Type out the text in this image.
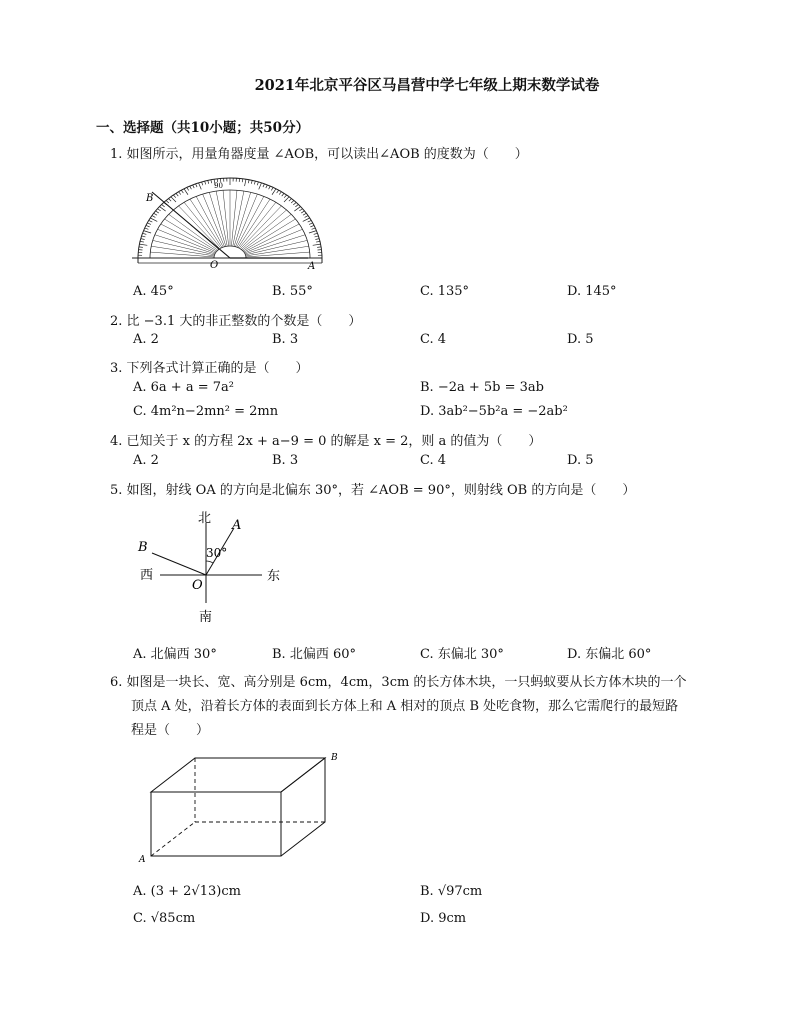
2021年北京平谷区马昌营中学七年级上期末数学试卷
一、选择题（共10小题；共50分）
1. 如图所示，用量角器度量 ∠AOB，可以读出∠AOB 的度数为（　　）
B
O	A
90
A. 45°	B. 55°	C. 135°	D. 145°
2. 比 −3.1 大的非正整数的个数是（　　）
A. 2	B. 3	C. 4	D. 5
3. 下列各式计算正确的是（　　）
A. 6a + a = 7a²	B. −2a + 5b = 3ab
C. 4m²n−2mn² = 2mn	D. 3ab²−5b²a = −2ab²
4. 已知关于 x 的方程 2x + a−9 = 0 的解是 x = 2，则 a 的值为（　　）
A. 2	B. 3	C. 4	D. 5
5. 如图，射线 OA 的方向是北偏东 30°，若 ∠AOB = 90°，则射线 OB 的方向是（　　）
北
南
东
西
A
B
O
30°
A. 北偏西 30°	B. 北偏西 60°	C. 东偏北 30°	D. 东偏北 60°
6. 如图是一块长、宽、高分别是 6cm，4cm，3cm 的长方体木块，一只蚂蚁要从长方体木块的一个
顶点 A 处，沿着长方体的表面到长方体上和 A 相对的顶点 B 处吃食物，那么它需爬行的最短路
程是（　　）
A
B
A. (3 + 2√13)cm	B. √97cm
C. √85cm	D. 9cm
